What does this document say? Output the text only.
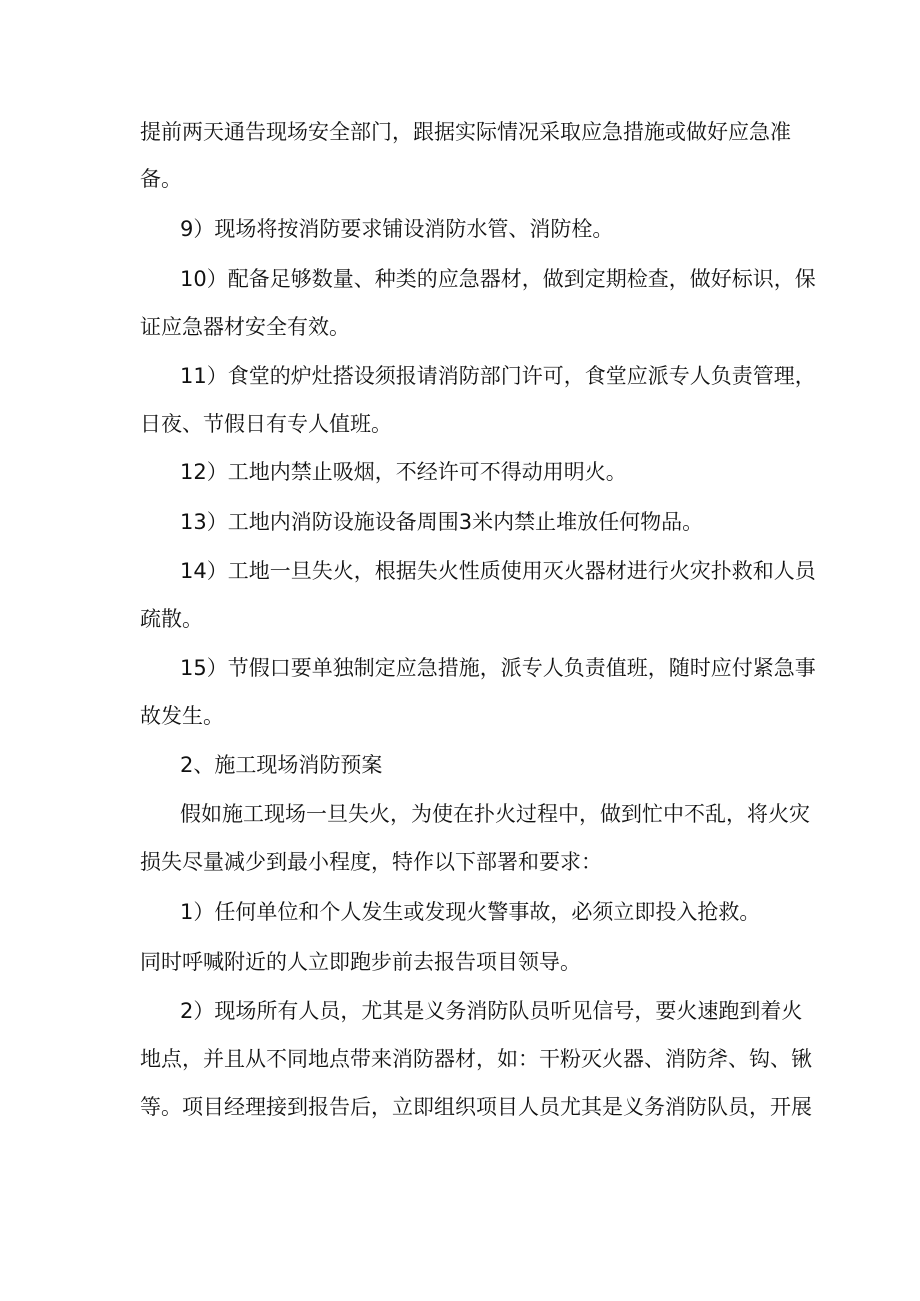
提前两天通告现场安全部门，跟据实际情况采取应急措施或做好应急准
备。
9）现场将按消防要求铺设消防水管、消防栓。
10）配备足够数量、种类的应急器材，做到定期检查，做好标识，保
证应急器材安全有效。
11）食堂的炉灶搭设须报请消防部门许可，食堂应派专人负责管理，
日夜、节假日有专人值班。
12）工地内禁止吸烟，不经许可不得动用明火。
13）工地内消防设施设备周围3米内禁止堆放任何物品。
14）工地一旦失火，根据失火性质使用灭火器材进行火灾扑救和人员
疏散。
15）节假口要单独制定应急措施，派专人负责值班，随时应付紧急事
故发生。
2、施工现场消防预案
假如施工现场一旦失火，为使在扑火过程中，做到忙中不乱，将火灾
损失尽量减少到最小程度，特作以下部署和要求：
1）任何单位和个人发生或发现火警事故，必须立即投入抢救。
同时呼喊附近的人立即跑步前去报告项目领导。
2）现场所有人员，尤其是义务消防队员听见信号，要火速跑到着火
地点，并且从不同地点带来消防器材，如：干粉灭火器、消防斧、钩、锹
等。项目经理接到报告后，立即组织项目人员尤其是义务消防队员，开展
